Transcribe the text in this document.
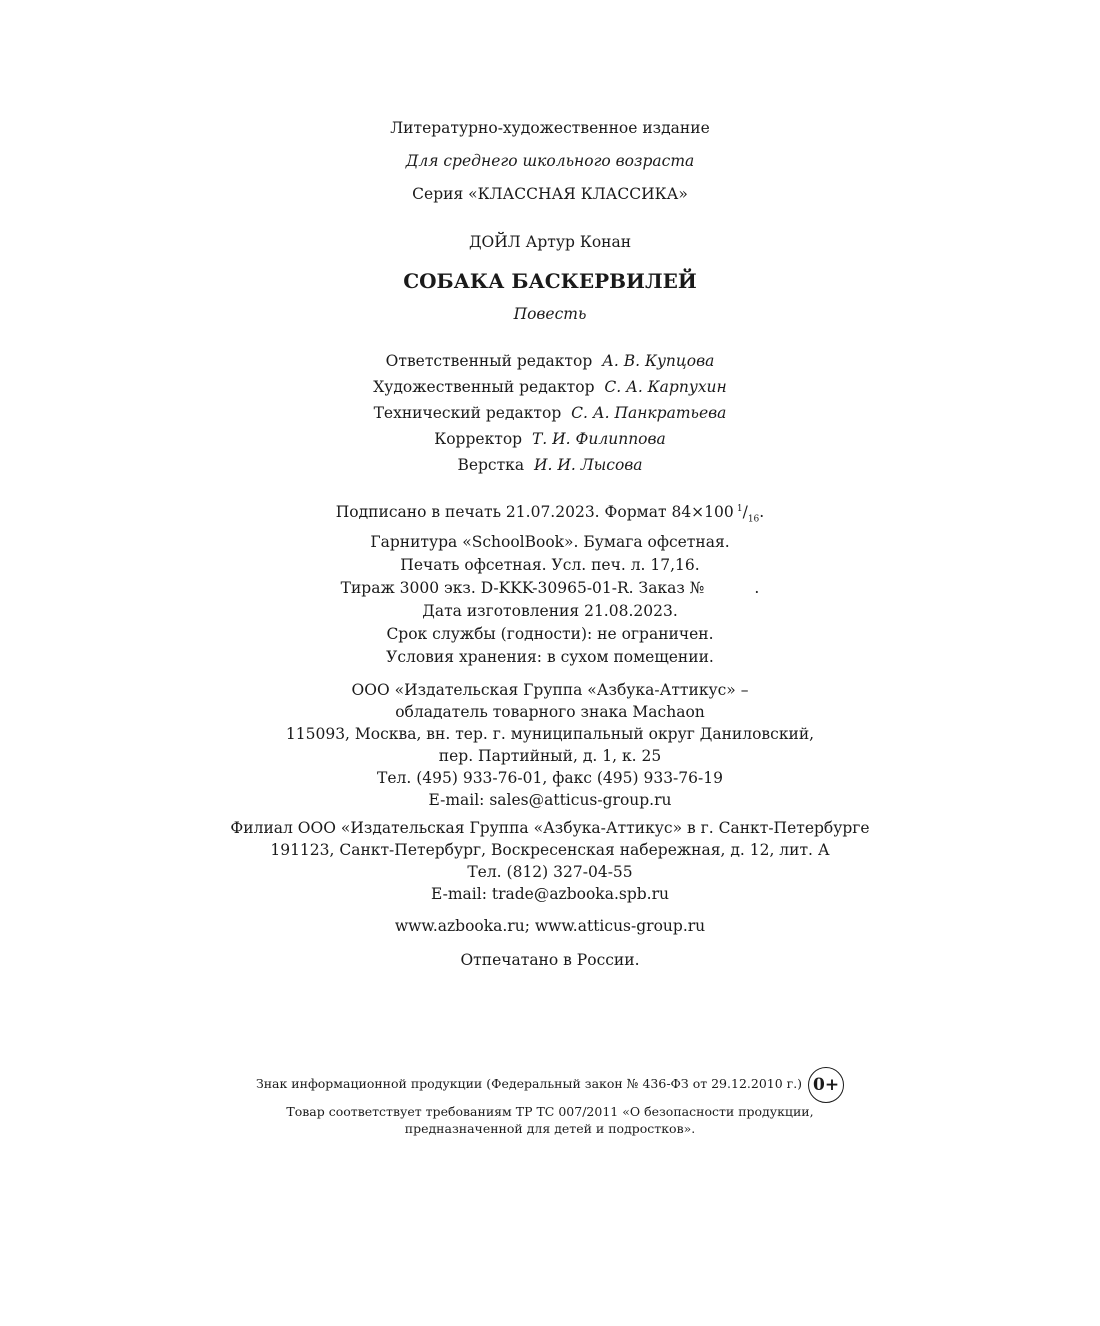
Литературно-художественное издание
Для среднего школьного возраста
Серия «КЛАССНАЯ КЛАССИКА»
ДОЙЛ Артур Конан
СОБАКА БАСКЕРВИЛЕЙ
Повесть
Ответственный редактор А. В. Купцова
Художественный редактор С. А. Карпухин
Технический редактор С. А. Панкратьева
Корректор Т. И. Филиппова
Верстка И. И. Лысова
Подписано в печать 21.07.2023. Формат 84×100  $^1/_{16}$.
Гарнитура «SchoolBook». Бумага офсетная.
Печать офсетная. Усл. печ. л. 17,16.
Тираж 3000 экз. D-KKK-30965-01-R. Заказ №	.
Дата изготовления 21.08.2023.
Срок службы (годности): не ограничен.
Условия хранения: в сухом помещении.
ООО «Издательская Группа «Азбука-Аттикус» –
обладатель товарного знака Machaon
115093, Москва, вн. тер. г. муниципальный округ Даниловский,
пер. Партийный, д. 1, к. 25
Тел. (495) 933-76-01, факс (495) 933-76-19
E-mail: sales@atticus-group.ru
Филиал ООО «Издательская Группа «Азбука-Аттикус» в г. Санкт-Петербурге
191123, Санкт-Петербург, Воскресенская набережная, д. 12, лит. А
Тел. (812) 327-04-55
E-mail: trade@azbooka.spb.ru
www.azbooka.ru; www.atticus-group.ru
Отпечатано в России.
Знак информационной продукции (Федеральный закон № 436-ФЗ от 29.12.2010 г.) 0+
Товар соответствует требованиям ТР ТС 007/2011 «О безопасности продукции,
предназначенной для детей и подростков».
